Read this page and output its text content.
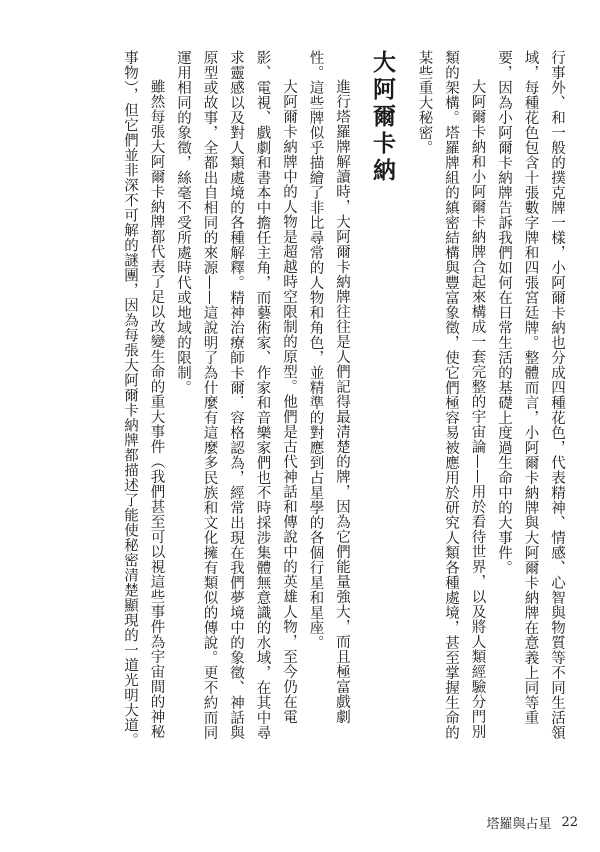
行事外、和一般的撲克牌一樣，小阿爾卡納也分成四種花色，代表精神、情感、心智與物質等不同生活領域，每種花色包含十張數字牌和四張宮廷牌。整體而言，小阿爾卡納牌與大阿爾卡納牌在意義上同等重要，因為小阿爾卡納牌告訴我們如何在日常生活的基礎上度過生命中的大事件。

大阿爾卡納和小阿爾卡納牌合起來構成一套完整的宇宙論——用於看待世界，以及將人類經驗分門別類的架構。塔羅牌組的縝密結構與豐富象徵，使它們極容易被應用於研究人類各種處境，甚至掌握生命的某些重大秘密。

大阿爾卡納

進行塔羅牌解讀時，大阿爾卡納牌往往是人們記得最清楚的牌，因為它們能量強大，而且極富戲劇性。這些牌似乎描繪了非比尋常的人物和角色，並精準的對應到占星學的各個行星和星座。

大阿爾卡納牌中的人物是超越時空限制的原型。他們是古代神話和傳說中的英雄人物，至今仍在電影、電視、戲劇和書本中擔任主角，而藝術家、作家和音樂家們也不時採涉集體無意識的水域，在其中尋求靈感以及對人類處境的各種解釋。精神治療師卡爾．容格認為，經常出現在我們夢境中的象徵、神話與原型或故事，全都出自相同的來源——這說明了為什麼有這麼多民族和文化擁有類似的傳說。更不約而同運用相同的象徵，絲毫不受所處時代或地域的限制。

雖然每張大阿爾卡納牌都代表了足以改變生命的重大事件（我們甚至可以視這些事件為宇宙間的神秘事物），但它們並非深不可解的謎團，因為每張大阿爾卡納牌都描述了能使秘密清楚顯現的一道光明大道。

塔羅與占星 22
